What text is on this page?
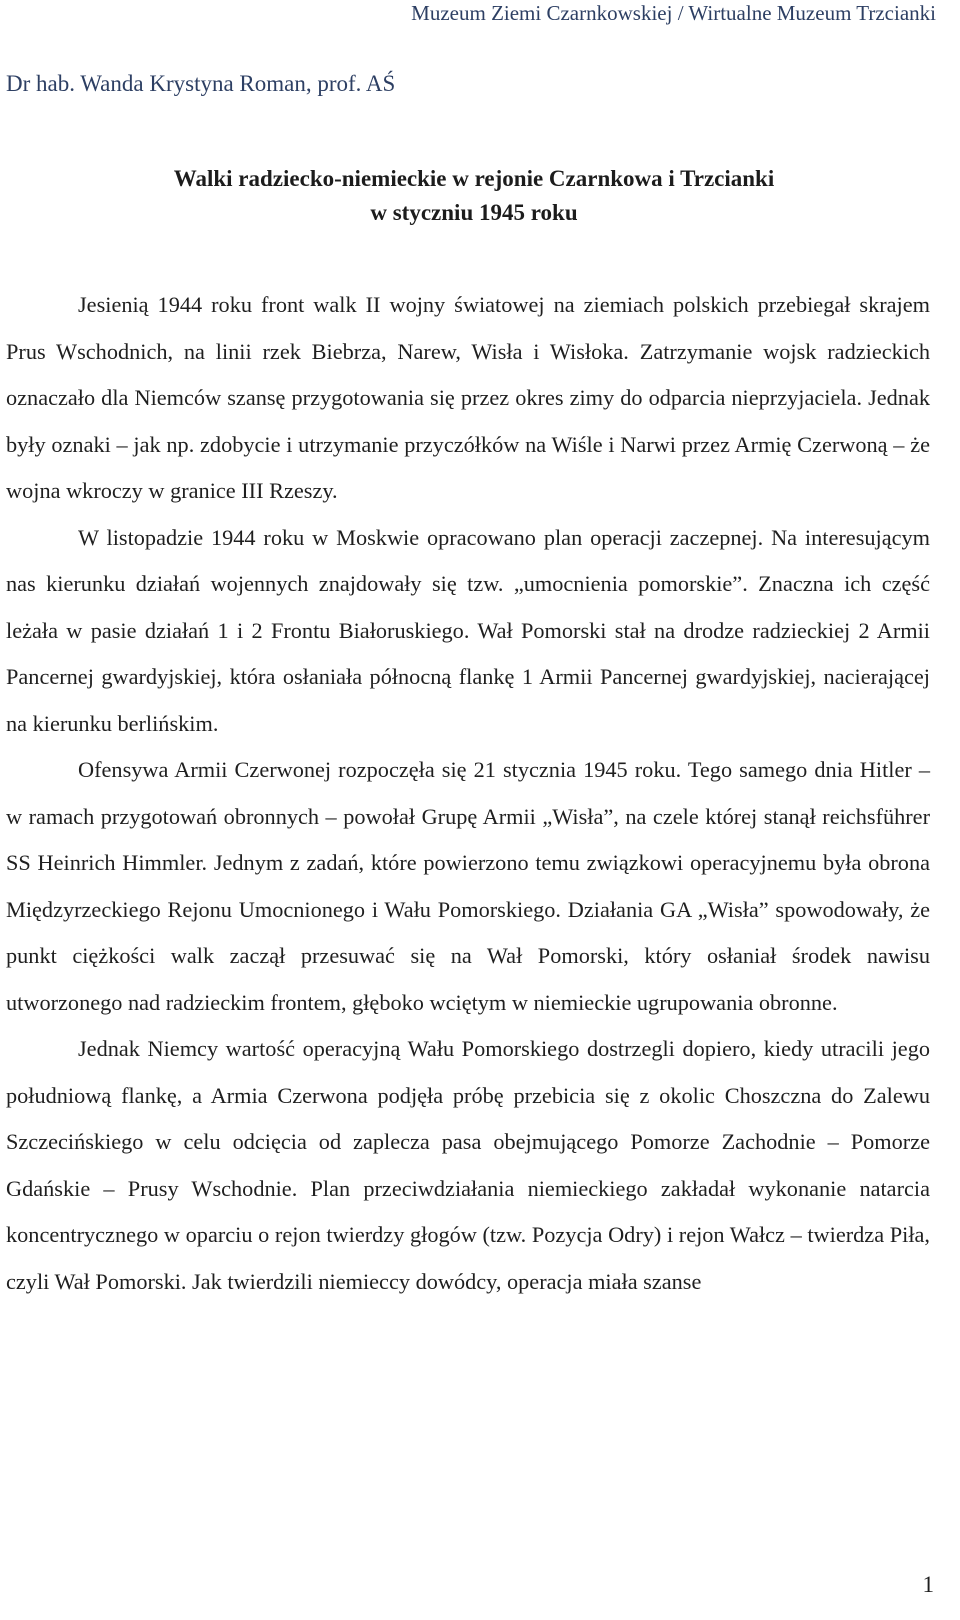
Muzeum Ziemi Czarnkowskiej / Wirtualne Muzeum Trzcianki
Dr hab. Wanda Krystyna Roman, prof. AŚ
Walki radziecko-niemieckie w rejonie Czarnkowa i Trzcianki
w styczniu 1945 roku

Jesienią 1944 roku front walk II wojny światowej na ziemiach polskich przebiegał skrajem Prus Wschodnich, na linii rzek Biebrza, Narew, Wisła i Wisłoka. Zatrzymanie wojsk radzieckich oznaczało dla Niemców szansę przygotowania się przez okres zimy do odparcia nieprzyjaciela. Jednak były oznaki – jak np. zdobycie i utrzymanie przyczółków na Wiśle i Narwi przez Armię Czerwoną – że wojna wkroczy w granice III Rzeszy.

W listopadzie 1944 roku w Moskwie opracowano plan operacji zaczepnej. Na interesującym nas kierunku działań wojennych znajdowały się tzw. „umocnienia pomorskie”. Znaczna ich część leżała w pasie działań 1 i 2 Frontu Białoruskiego. Wał Pomorski stał na drodze radzieckiej 2 Armii Pancernej gwardyjskiej, która osłaniała północną flankę 1 Armii Pancernej gwardyjskiej, nacierającej na kierunku berlińskim.

Ofensywa Armii Czerwonej rozpoczęła się 21 stycznia 1945 roku. Tego samego dnia Hitler – w ramach przygotowań obronnych – powołał Grupę Armii „Wisła”, na czele której stanął reichsführer SS Heinrich Himmler. Jednym z zadań, które powierzono temu związkowi operacyjnemu była obrona Międzyrzeckiego Rejonu Umocnionego i Wału Pomorskiego. Działania GA „Wisła” spowodowały, że punkt ciężkości walk zaczął przesuwać się na Wał Pomorski, który osłaniał środek nawisu utworzonego nad radzieckim frontem, głęboko wciętym w niemieckie ugrupowania obronne.

Jednak Niemcy wartość operacyjną Wału Pomorskiego dostrzegli dopiero, kiedy utracili jego południową flankę, a Armia Czerwona podjęła próbę przebicia się z okolic Choszczna do Zalewu Szczecińskiego w celu odcięcia od zaplecza pasa obejmującego Pomorze Zachodnie – Pomorze Gdańskie – Prusy Wschodnie. Plan przeciwdziałania niemieckiego zakładał wykonanie natarcia koncentrycznego w oparciu o rejon twierdzy głogów (tzw. Pozycja Odry) i rejon Wałcz – twierdza Piła, czyli Wał Pomorski. Jak twierdzili niemieccy dowódcy, operacja miała szanse

1
